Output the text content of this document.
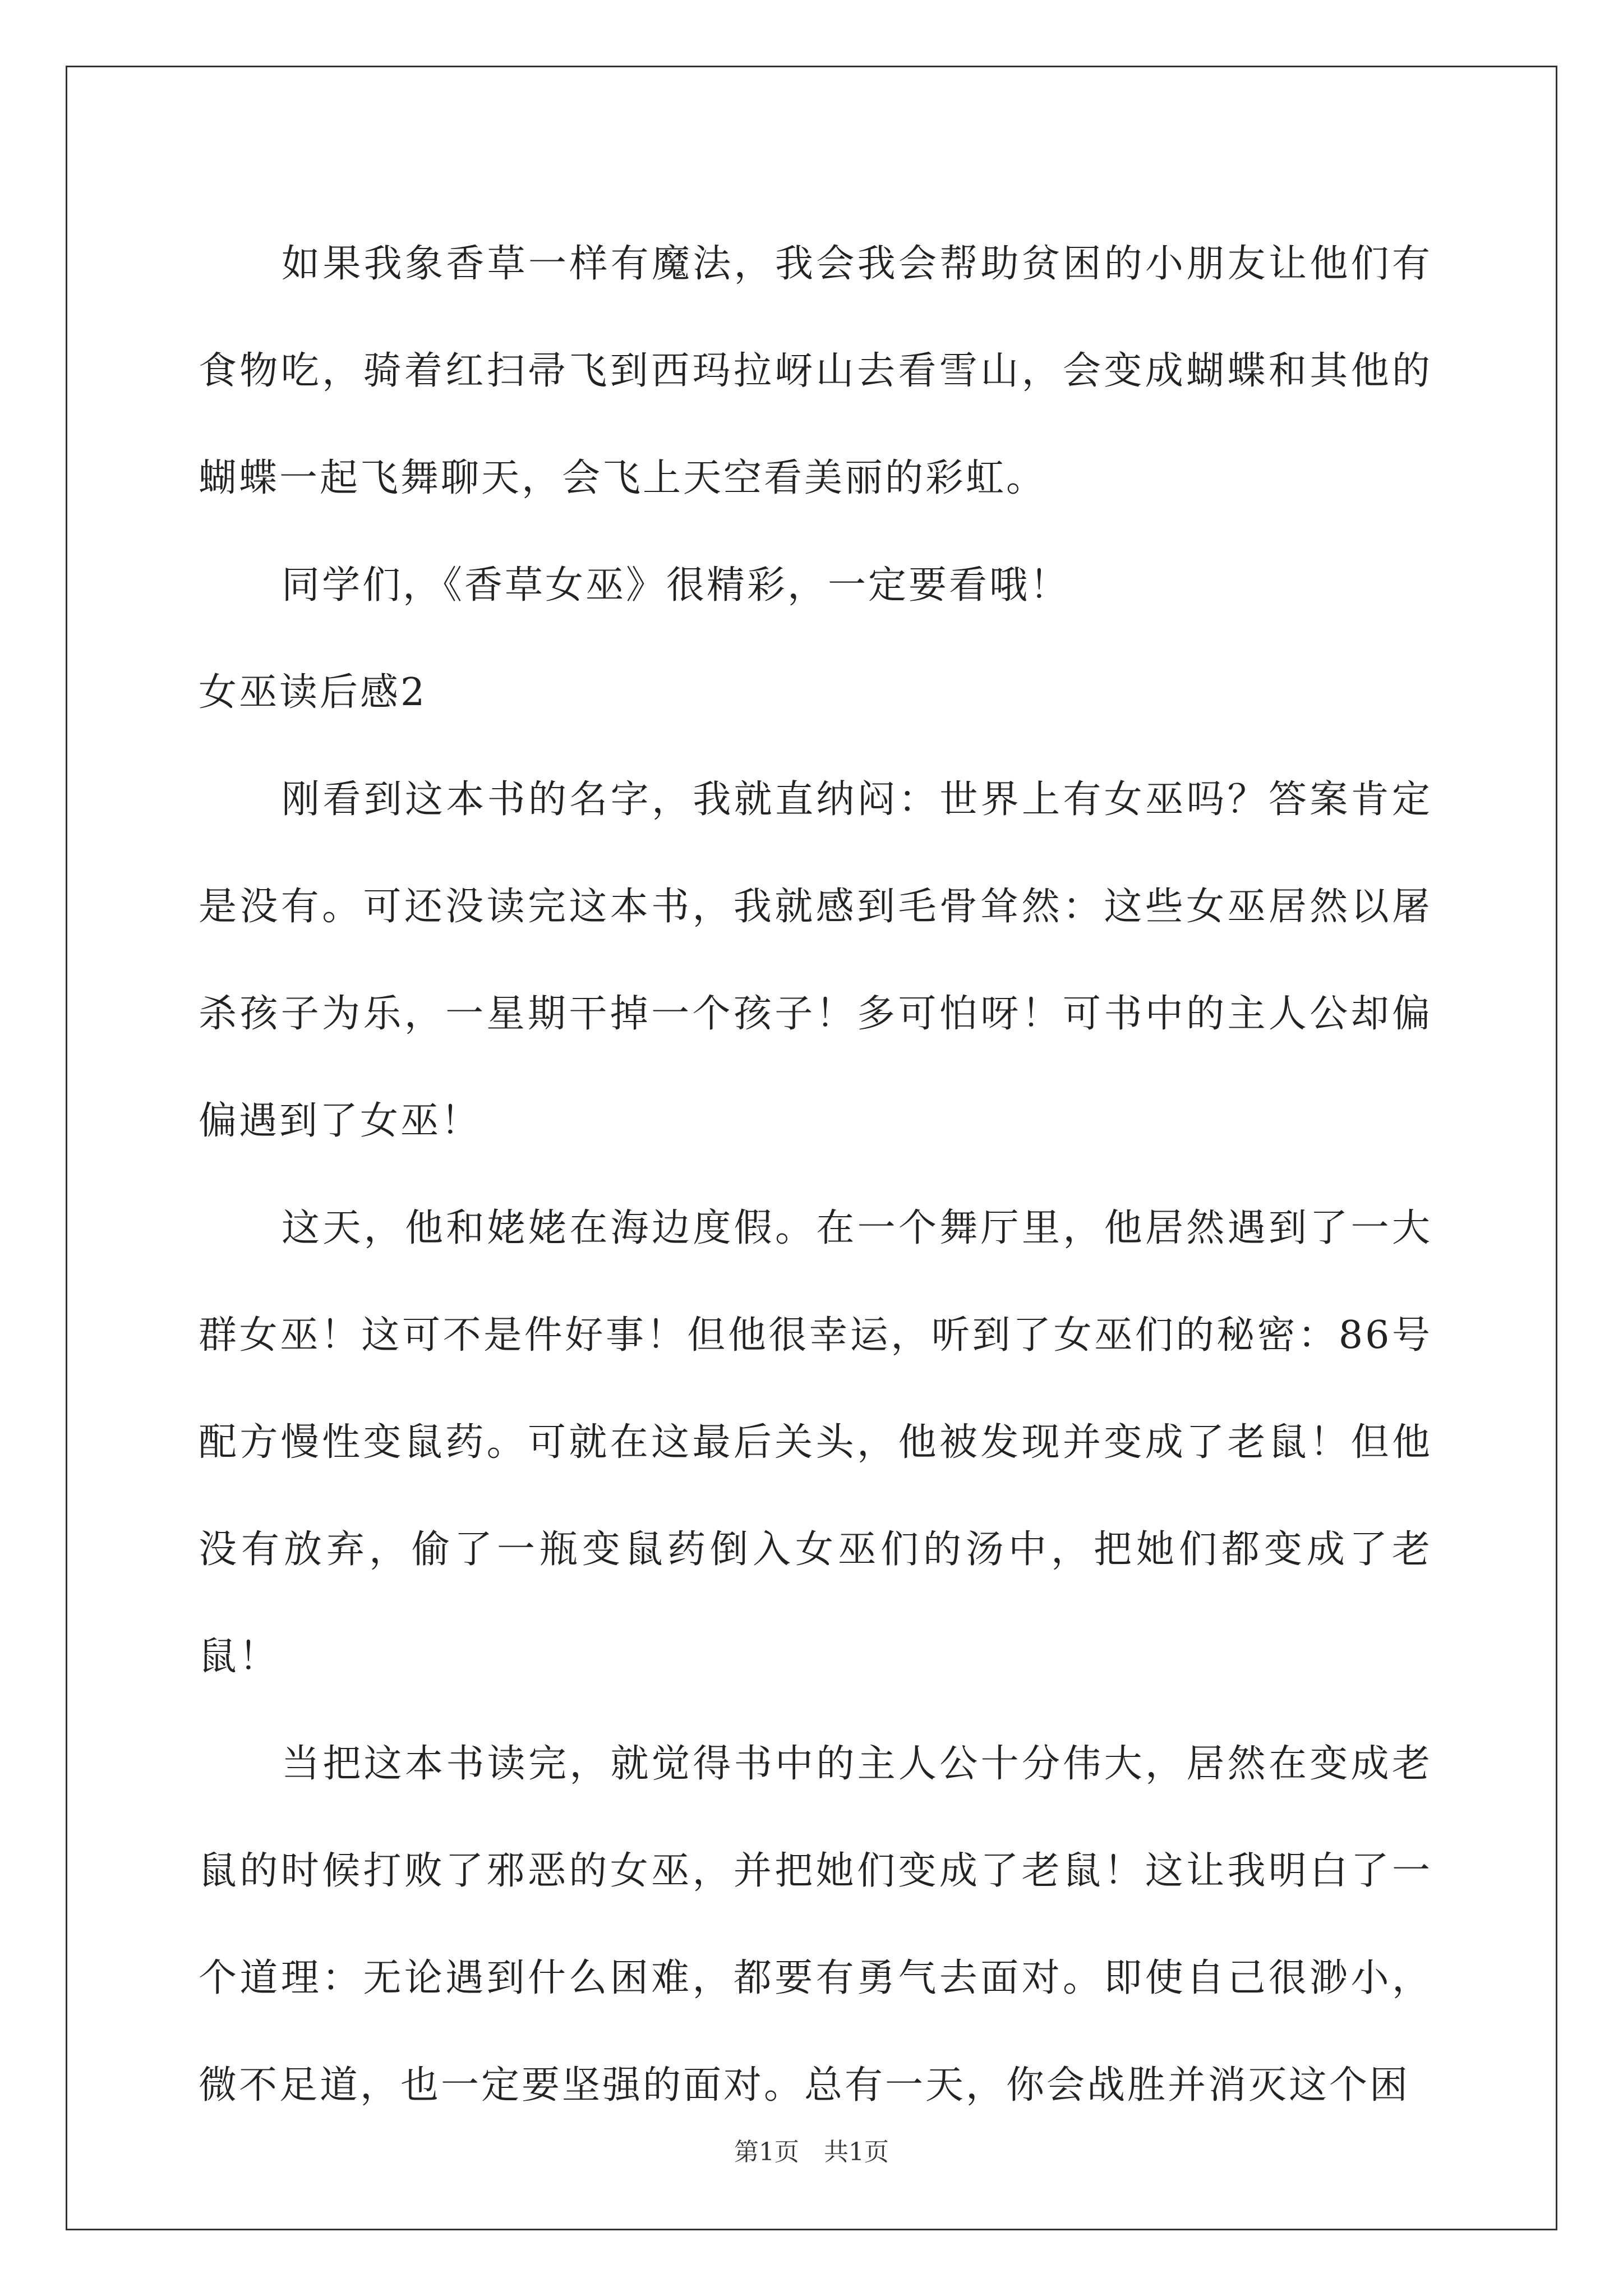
如果我象香草一样有魔法，我会我会帮助贫困的小朋友让他们有食物吃，骑着红扫帚飞到西玛拉岈山去看雪山，会变成蝴蝶和其他的蝴蝶一起飞舞聊天，会飞上天空看美丽的彩虹。

同学们，《香草女巫》很精彩，一定要看哦！

女巫读后感2

刚看到这本书的名字，我就直纳闷：世界上有女巫吗？答案肯定是没有。可还没读完这本书，我就感到毛骨耸然：这些女巫居然以屠杀孩子为乐，一星期干掉一个孩子！多可怕呀！可书中的主人公却偏偏遇到了女巫！

这天，他和姥姥在海边度假。在一个舞厅里，他居然遇到了一大群女巫！这可不是件好事！但他很幸运，听到了女巫们的秘密：86号配方慢性变鼠药。可就在这最后关头，他被发现并变成了老鼠！但他没有放弃，偷了一瓶变鼠药倒入女巫们的汤中，把她们都变成了老鼠！

当把这本书读完，就觉得书中的主人公十分伟大，居然在变成老鼠的时候打败了邪恶的女巫，并把她们变成了老鼠！这让我明白了一个道理：无论遇到什么困难，都要有勇气去面对。即使自己很渺小，微不足道，也一定要坚强的面对。总有一天，你会战胜并消灭这个困

第1页　共1页
